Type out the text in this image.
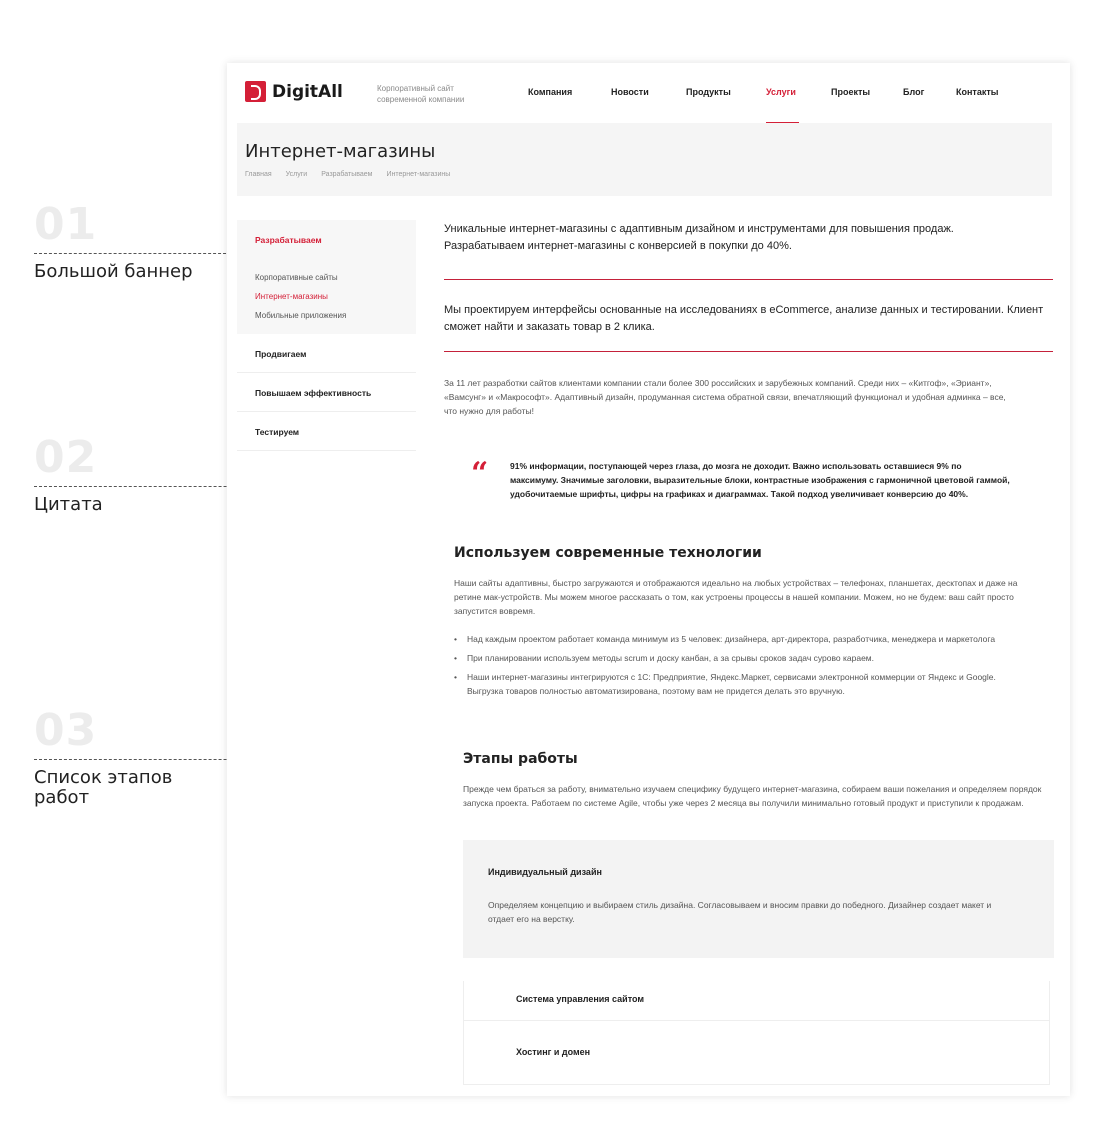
01
Большой баннер
02
Цитата
03
Список этапов работ
DigitAll	Корпоративный сайт современной компании
Компания	Новости	Продукты	Услуги	Проекты	Блог	Контакты
Интернет-магазины
Главная Услуги Разрабатываем Интернет-магазины
Разрабатываем
Корпоративные сайты
Интернет-магазины
Мобильные приложения
Продвигаем
Повышаем эффективность
Тестируем
Уникальные интернет-магазины с адаптивным дизайном и инструментами для повышения продаж. Разрабатываем интернет-магазины с конверсией в покупки до 40%.
Мы проектируем интерфейсы основанные на исследованиях в eCommerce, анализе данных и тестировании. Клиент сможет найти и заказать товар в 2 клика.
За 11 лет разработки сайтов клиентами компании стали более 300 российских и зарубежных компаний. Среди них – «Китгоф», «Эриант», «Вамсунг» и «Макрософт». Адаптивный дизайн, продуманная система обратной связи, впечатляющий функционал и удобная админка – все, что нужно для работы!
“	91% информации, поступающей через глаза, до мозга не доходит. Важно использовать оставшиеся 9% по максимуму. Значимые заголовки, выразительные блоки, контрастные изображения с гармоничной цветовой гаммой, удобочитаемые шрифты, цифры на графиках и диаграммах. Такой подход увеличивает конверсию до 40%.
Используем современные технологии
Наши сайты адаптивны, быстро загружаются и отображаются идеально на любых устройствах – телефонах, планшетах, десктопах и даже на ретине мак-устройств. Мы можем многое рассказать о том, как устроены процессы в нашей компании. Можем, но не будем: ваш сайт просто запустится вовремя.
• Над каждым проектом работает команда минимум из 5 человек: дизайнера, арт-директора, разработчика, менеджера и маркетолога
• При планировании используем методы scrum и доску канбан, а за срывы сроков задач сурово караем.
• Наши интернет-магазины интегрируются с 1С: Предприятие, Яндекс.Маркет, сервисами электронной коммерции от Яндекс и Google. Выгрузка товаров полностью автоматизирована, поэтому вам не придется делать это вручную.
Этапы работы
Прежде чем браться за работу, внимательно изучаем специфику будущего интернет-магазина, собираем ваши пожелания и определяем порядок запуска проекта. Работаем по системе Agile, чтобы уже через 2 месяца вы получили минимально готовый продукт и приступили к продажам.
Индивидуальный дизайн
Определяем концепцию и выбираем стиль дизайна. Согласовываем и вносим правки до победного. Дизайнер создает макет и отдает его на верстку.
Система управления сайтом
Хостинг и домен
